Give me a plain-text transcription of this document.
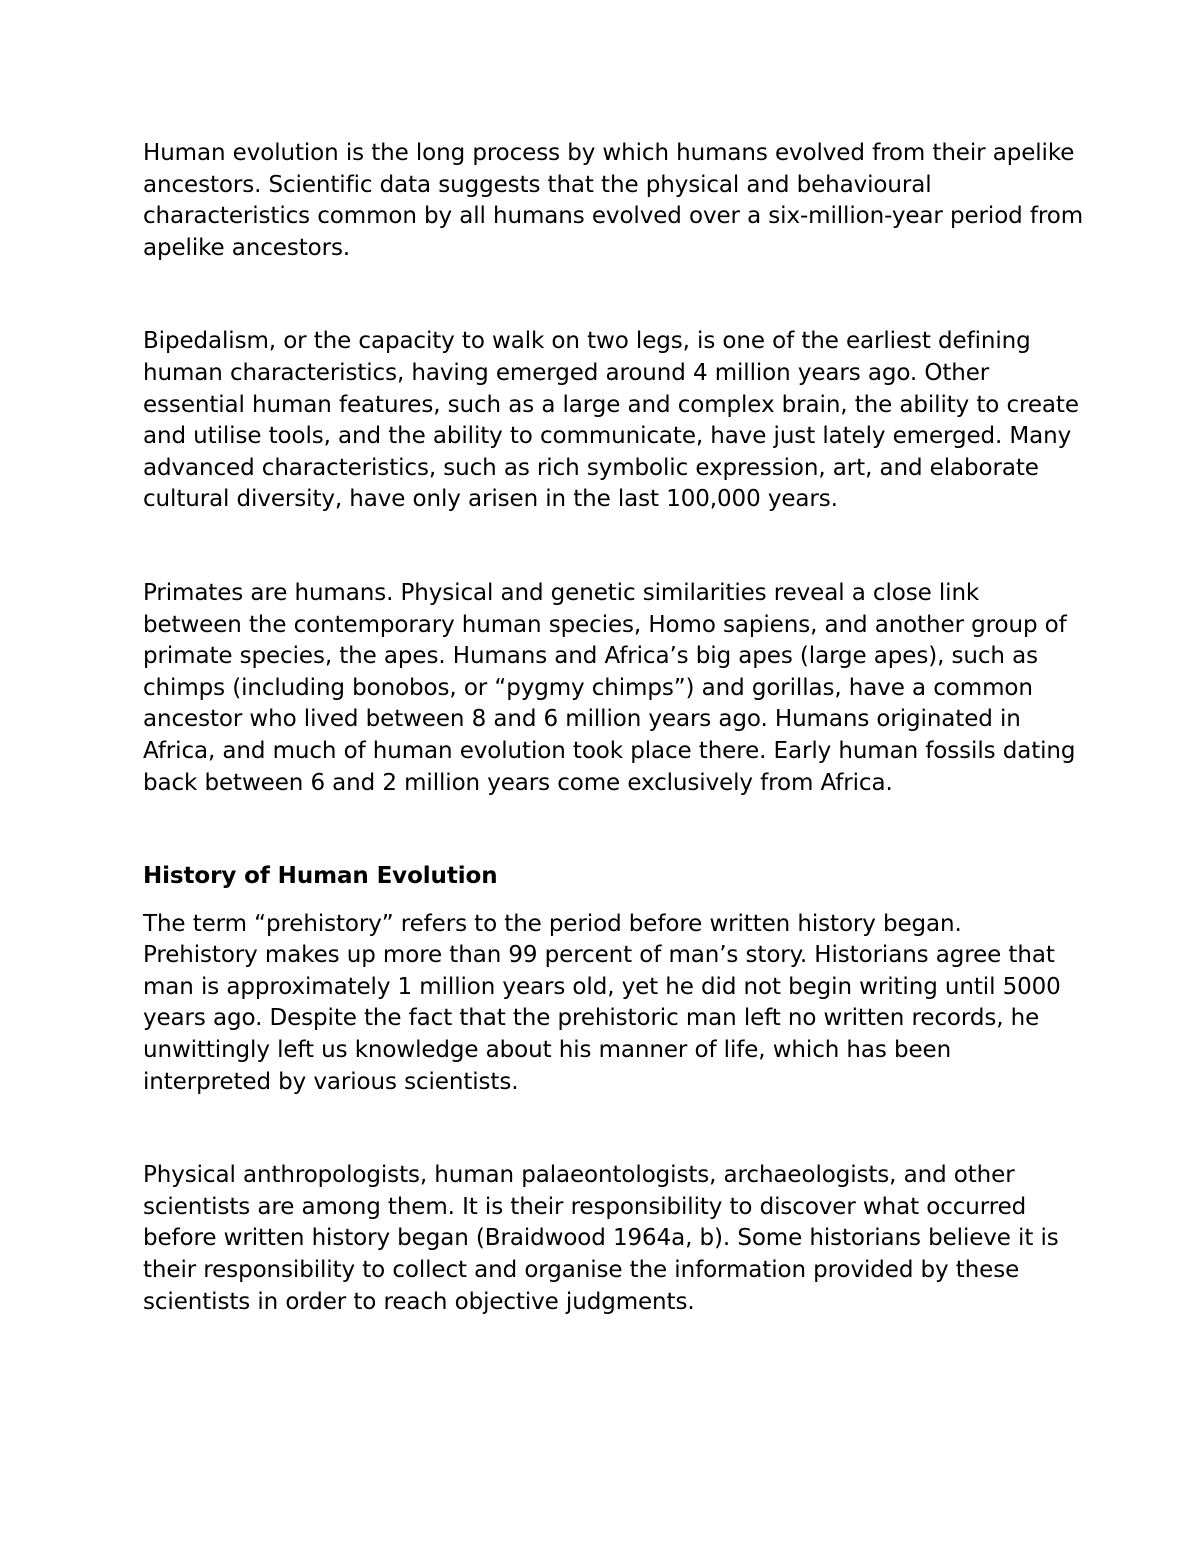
Human evolution is the long process by which humans evolved from their apelike ancestors. Scientific data suggests that the physical and behavioural characteristics common by all humans evolved over a six-million-year period from apelike ancestors.

Bipedalism, or the capacity to walk on two legs, is one of the earliest defining human characteristics, having emerged around 4 million years ago. Other essential human features, such as a large and complex brain, the ability to create and utilise tools, and the ability to communicate, have just lately emerged. Many advanced characteristics, such as rich symbolic expression, art, and elaborate cultural diversity, have only arisen in the last 100,000 years.

Primates are humans. Physical and genetic similarities reveal a close link between the contemporary human species, Homo sapiens, and another group of primate species, the apes. Humans and Africa’s big apes (large apes), such as chimps (including bonobos, or “pygmy chimps”) and gorillas, have a common ancestor who lived between 8 and 6 million years ago. Humans originated in Africa, and much of human evolution took place there. Early human fossils dating back between 6 and 2 million years come exclusively from Africa.

History of Human Evolution

The term “prehistory” refers to the period before written history began. Prehistory makes up more than 99 percent of man’s story. Historians agree that man is approximately 1 million years old, yet he did not begin writing until 5000 years ago. Despite the fact that the prehistoric man left no written records, he unwittingly left us knowledge about his manner of life, which has been interpreted by various scientists.

Physical anthropologists, human palaeontologists, archaeologists, and other scientists are among them. It is their responsibility to discover what occurred before written history began (Braidwood 1964a, b). Some historians believe it is their responsibility to collect and organise the information provided by these scientists in order to reach objective judgments.
